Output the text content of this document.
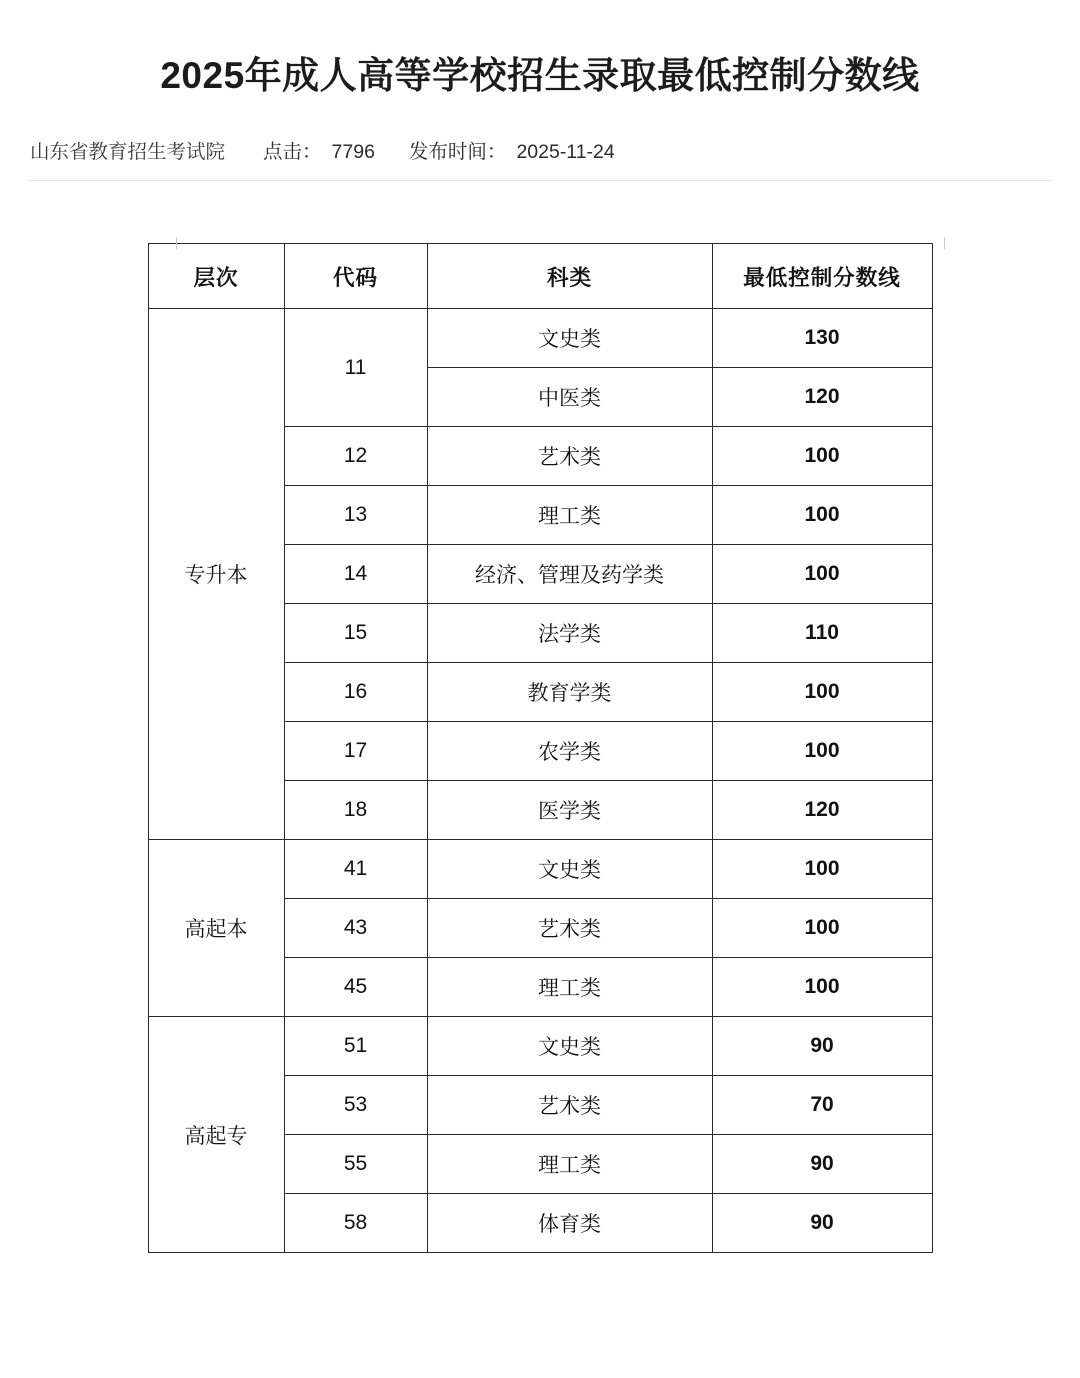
2025年成人高等学校招生录取最低控制分数线
山东省教育招生考试院 点击： 7796 发布时间： 2025-11-24
层次	代码	科类	最低控制分数线
专升本	11	文史类	130
		中医类	120
	12	艺术类	100
	13	理工类	100
	14	经济、管理及药学类	100
	15	法学类	110
	16	教育学类	100
	17	农学类	100
	18	医学类	120
高起本	41	文史类	100
	43	艺术类	100
	45	理工类	100
高起专	51	文史类	90
	53	艺术类	70
	55	理工类	90
	58	体育类	90
